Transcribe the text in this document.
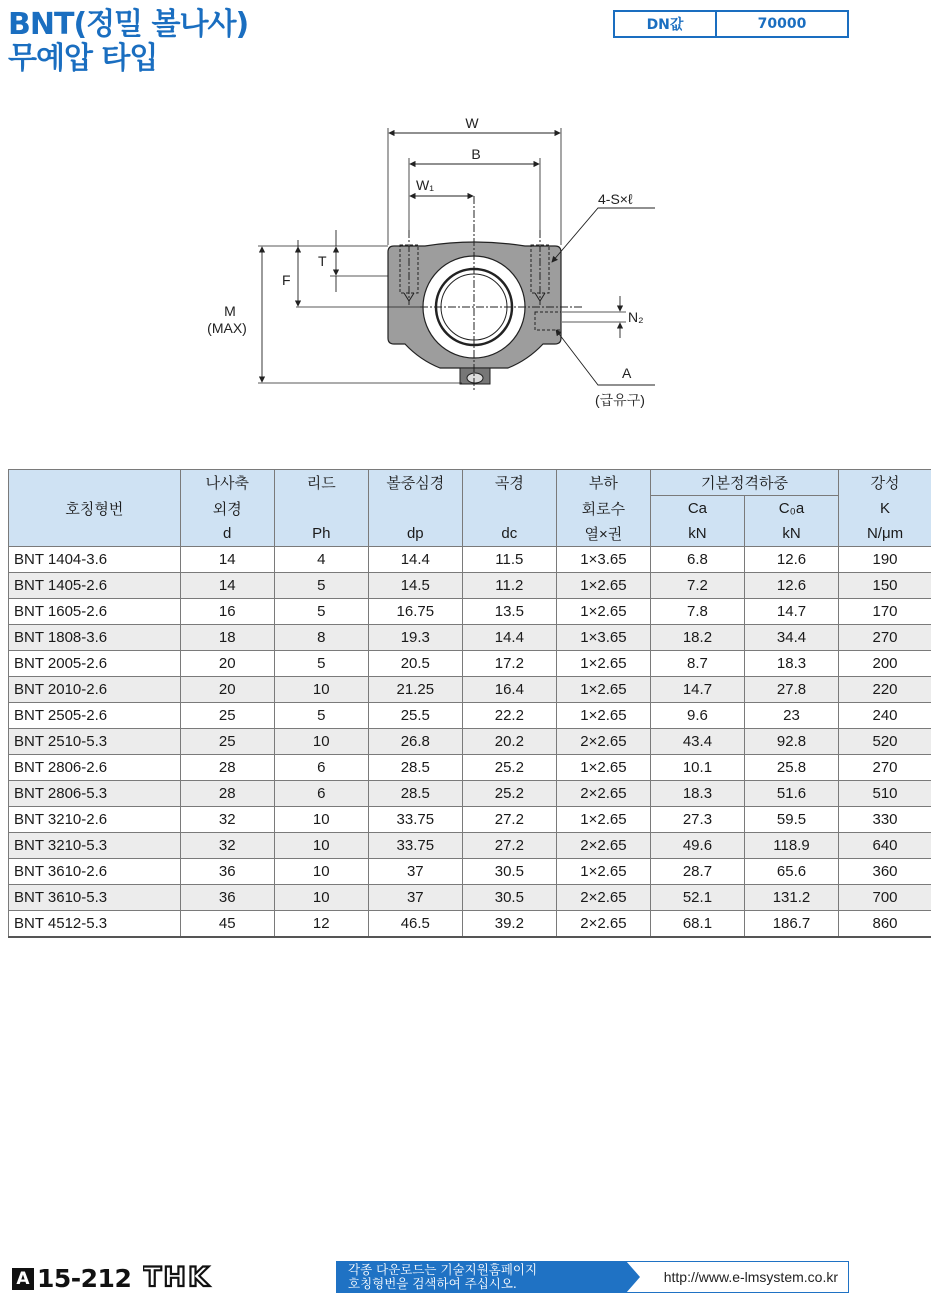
BNT(정밀 볼나사)
무예압 타입
DN값	70000
W
B
W₁
4-S×ℓ
T
F
M
(MAX)
N₂
A
(급유구)
	나사축	리드	볼중심경	곡경	부하	기본정격하중		강성
호칭형번	외경				회로수	Ca	C₀a	K
	d	Ph	dp	dc	열×권	kN	kN	N/μm
BNT 1404-3.6	14	4	14.4	11.5	1×3.65	6.8	12.6	190
BNT 1405-2.6	14	5	14.5	11.2	1×2.65	7.2	12.6	150
BNT 1605-2.6	16	5	16.75	13.5	1×2.65	7.8	14.7	170
BNT 1808-3.6	18	8	19.3	14.4	1×3.65	18.2	34.4	270
BNT 2005-2.6	20	5	20.5	17.2	1×2.65	8.7	18.3	200
BNT 2010-2.6	20	10	21.25	16.4	1×2.65	14.7	27.8	220
BNT 2505-2.6	25	5	25.5	22.2	1×2.65	9.6	23	240
BNT 2510-5.3	25	10	26.8	20.2	2×2.65	43.4	92.8	520
BNT 2806-2.6	28	6	28.5	25.2	1×2.65	10.1	25.8	270
BNT 2806-5.3	28	6	28.5	25.2	2×2.65	18.3	51.6	510
BNT 3210-2.6	32	10	33.75	27.2	1×2.65	27.3	59.5	330
BNT 3210-5.3	32	10	33.75	27.2	2×2.65	49.6	118.9	640
BNT 3610-2.6	36	10	37	30.5	1×2.65	28.7	65.6	360
BNT 3610-5.3	36	10	37	30.5	2×2.65	52.1	131.2	700
BNT 4512-5.3	45	12	46.5	39.2	2×2.65	68.1	186.7	860
A 15-212 THK	각종 다운로드는 기술지원홈페이지
호칭형번을 검색하여 주십시오.	http://www.e-lmsystem.co.kr
